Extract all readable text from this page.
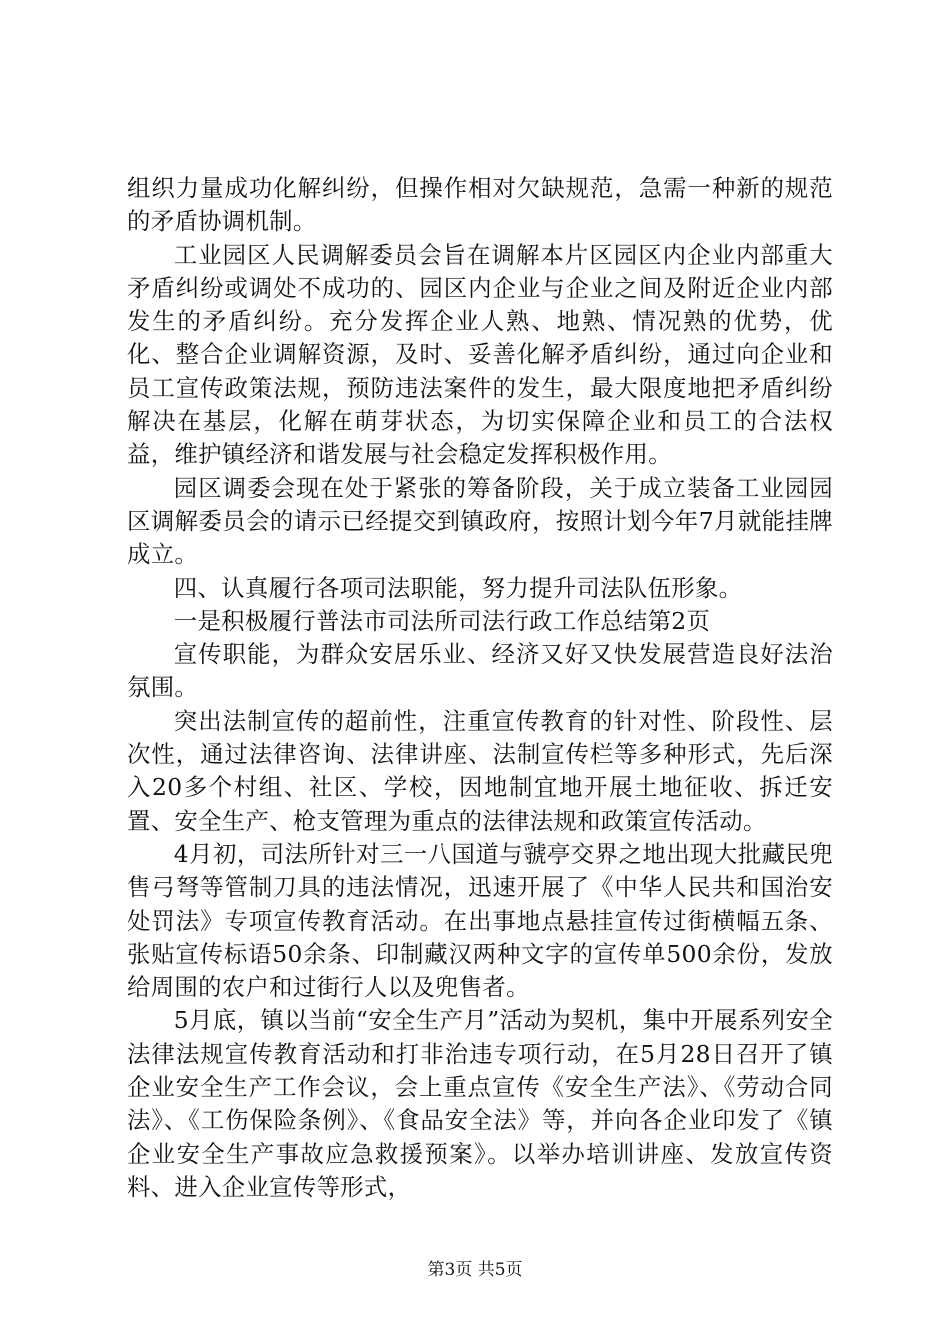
组织力量成功化解纠纷，但操作相对欠缺规范，急需一种新的规范的矛盾协调机制。

工业园区人民调解委员会旨在调解本片区园区内企业内部重大矛盾纠纷或调处不成功的、园区内企业与企业之间及附近企业内部发生的矛盾纠纷。充分发挥企业人熟、地熟、情况熟的优势，优化、整合企业调解资源，及时、妥善化解矛盾纠纷，通过向企业和员工宣传政策法规，预防违法案件的发生，最大限度地把矛盾纠纷解决在基层，化解在萌芽状态，为切实保障企业和员工的合法权益，维护镇经济和谐发展与社会稳定发挥积极作用。

园区调委会现在处于紧张的筹备阶段，关于成立装备工业园园区调解委员会的请示已经提交到镇政府，按照计划今年7月就能挂牌成立。

四、认真履行各项司法职能，努力提升司法队伍形象。

一是积极履行普法市司法所司法行政工作总结第2页

宣传职能，为群众安居乐业、经济又好又快发展营造良好法治氛围。

突出法制宣传的超前性，注重宣传教育的针对性、阶段性、层次性，通过法律咨询、法律讲座、法制宣传栏等多种形式，先后深入20多个村组、社区、学校，因地制宜地开展土地征收、拆迁安置、安全生产、枪支管理为重点的法律法规和政策宣传活动。

4月初，司法所针对三一八国道与虢亭交界之地出现大批藏民兜售弓弩等管制刀具的违法情况，迅速开展了《中华人民共和国治安处罚法》专项宣传教育活动。在出事地点悬挂宣传过街横幅五条、张贴宣传标语50余条、印制藏汉两种文字的宣传单500余份，发放给周围的农户和过街行人以及兜售者。

5月底，镇以当前“安全生产月”活动为契机，集中开展系列安全法律法规宣传教育活动和打非治违专项行动，在5月28日召开了镇企业安全生产工作会议，会上重点宣传《安全生产法》、《劳动合同法》、《工伤保险条例》、《食品安全法》等，并向各企业印发了《镇企业安全生产事故应急救援预案》。以举办培训讲座、发放宣传资料、进入企业宣传等形式，

第3页 共5页
